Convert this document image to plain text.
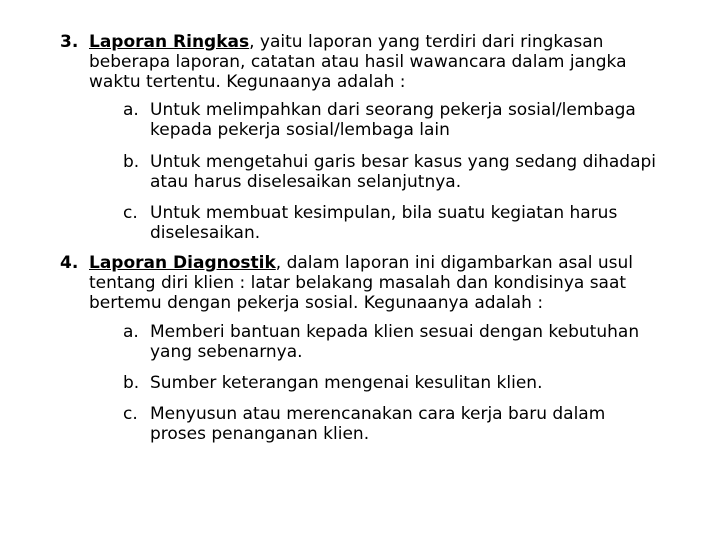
3. Laporan Ringkas, yaitu laporan yang terdiri dari ringkasan beberapa laporan, catatan atau hasil wawancara dalam jangka waktu tertentu. Kegunaanya adalah :
a. Untuk melimpahkan dari seorang pekerja sosial/lembaga kepada pekerja sosial/lembaga lain
b. Untuk mengetahui garis besar kasus yang sedang dihadapi atau harus diselesaikan selanjutnya.
c. Untuk membuat kesimpulan, bila suatu kegiatan harus diselesaikan.
4. Laporan Diagnostik, dalam laporan ini digambarkan asal usul tentang diri klien : latar belakang masalah dan kondisinya saat bertemu dengan pekerja sosial. Kegunaanya adalah :
a. Memberi bantuan kepada klien sesuai dengan kebutuhan yang sebenarnya.
b. Sumber keterangan mengenai kesulitan klien.
c. Menyusun atau merencanakan cara kerja baru dalam proses penanganan klien.
